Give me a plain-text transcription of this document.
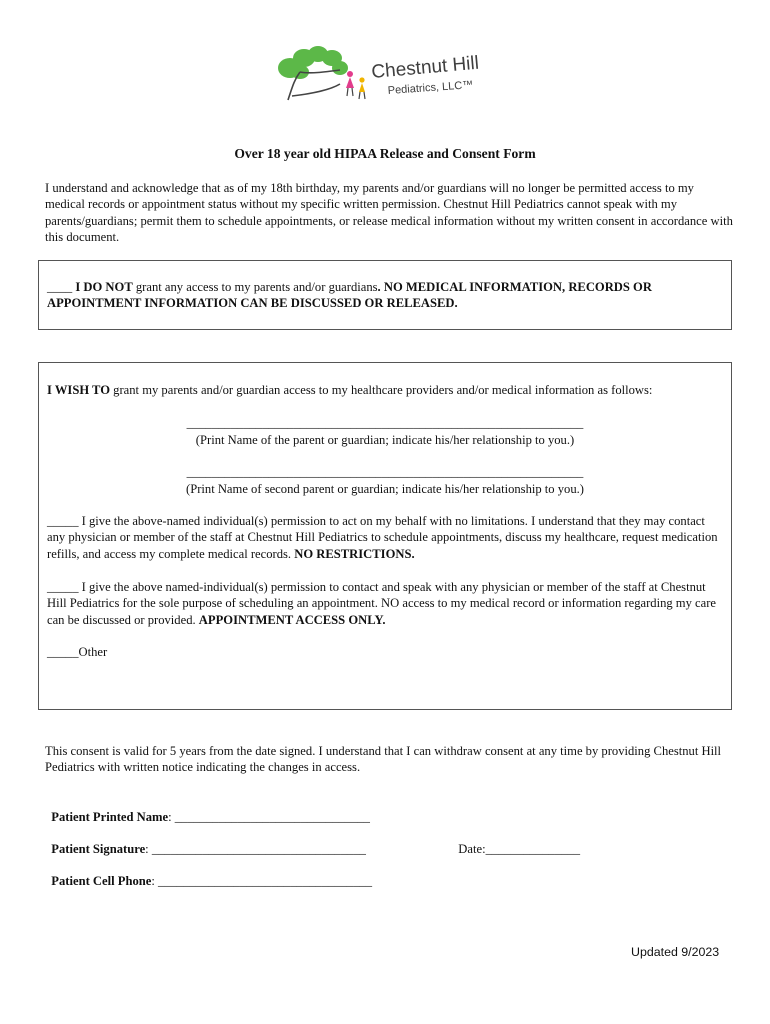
Chestnut Hill
Pediatrics, LLC™
Over 18 year old HIPAA Release and Consent Form
I understand and acknowledge that as of my 18th birthday, my parents and/or guardians will no longer be permitted access to my medical records or appointment status without my specific written permission. Chestnut Hill Pediatrics cannot speak with my parents/guardians; permit them to schedule appointments, or release medical information without my written consent in accordance with this document.
____ I DO NOT grant any access to my parents and/or guardians. NO MEDICAL INFORMATION, RECORDS OR APPOINTMENT INFORMATION CAN BE DISCUSSED OR RELEASED.
I WISH TO grant my parents and/or guardian access to my healthcare providers and/or medical information as follows:
_______________________________________________________________
(Print Name of the parent or guardian; indicate his/her relationship to you.)
_______________________________________________________________
(Print Name of second parent or guardian; indicate his/her relationship to you.)
_____ I give the above-named individual(s) permission to act on my behalf with no limitations. I understand that they may contact any physician or member of the staff at Chestnut Hill Pediatrics to schedule appointments, discuss my healthcare, request medication refills, and access my complete medical records. NO RESTRICTIONS.
_____ I give the above named-individual(s) permission to contact and speak with any physician or member of the staff at Chestnut Hill Pediatrics for the sole purpose of scheduling an appointment. NO access to my medical record or information regarding my care can be discussed or provided. APPOINTMENT ACCESS ONLY.
_____Other
This consent is valid for 5 years from the date signed. I understand that I can withdraw consent at any time by providing Chestnut Hill Pediatrics with written notice indicating the changes in access.

Patient Printed Name: _______________________________

Patient Signature: __________________________________	Date:_______________

Patient Cell Phone: __________________________________

Updated 9/2023
